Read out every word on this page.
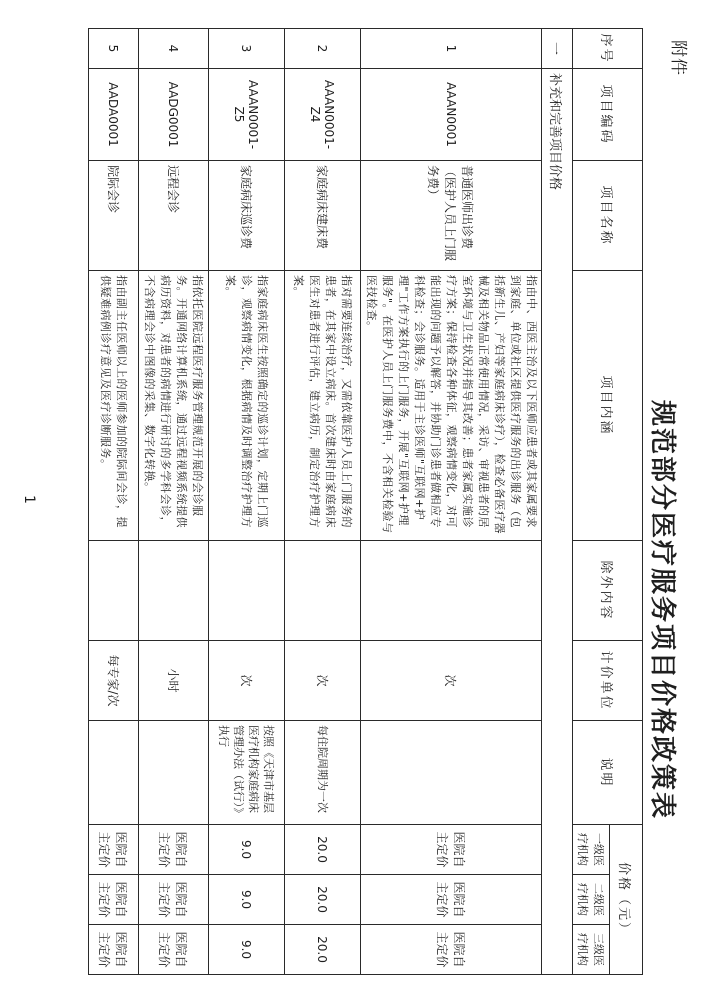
附件
规范部分医疗服务项目价格政策表
序号	项目编码	项目名称	项目内涵	除外内容	计价单位	说明	价格（元）		
							一级医疗机构	二级医疗机构	三级医疗机构
一	补充和完善项目价格								
1	AAAN0001	普通医师出诊费（医护人员上门服务费）	指由中、西医主治及以下医师应患者或其家属要求到家庭、单位或社区提供医疗服务的出诊服务（包括新生儿、产妇等家庭病床诊疗），检查必备医疗器械及相关物品正常使用情况，采访、审视患者的居室环境与卫生状况并指导其改善；患者家属实施诊疗方案；保持检查各种体征，观察病情变化，对可能出现的问题予以解答，并协助门诊患者做相应专科检查；会诊服务。适用于主诊医师"互联网+护理"工作方案执行的上门服务，开展"互联网+护理服务"。在医护人员上门服务费中，不含相关检验与医技检查。		次		医院自主定价	医院自主定价	医院自主定价
2	AAAN0001-Z4	家庭病床建床费	指对需要连续治疗，又需依靠医护人员上门服务的患者，在其家中设立病床。首次建床时由家庭病床医生对患者进行评估，建立病历，制定治疗护理方案。		次	每住院周期为一次	20.0	20.0	20.0
3	AAAN0001-Z5	家庭病床巡诊费	指家庭病床医生按照确定的巡诊计划，定期上门巡诊，观察病情变化，根据病情及时调整治疗护理方案。		次	按照《天津市基层医疗机构家庭病床管理办法（试行）》执行	9.0	9.0	9.0
4	AADG0001	远程会诊	指依托医院远程医疗服务管理规范开展的会诊服务。开通网络计算机系统，通过远程视频系统提供病历资料，对患者的病情进行研讨的多学科会诊，不含病理会诊中图像的采集、数字化转换。		小时		医院自主定价	医院自主定价	医院自主定价
5	AADA0001	院际会诊	指由副主任医师以上的医师参加的院际间会诊，提供疑难病例诊疗意见及医疗诊断服务。		每专家/次		医院自主定价	医院自主定价	医院自主定价
1
